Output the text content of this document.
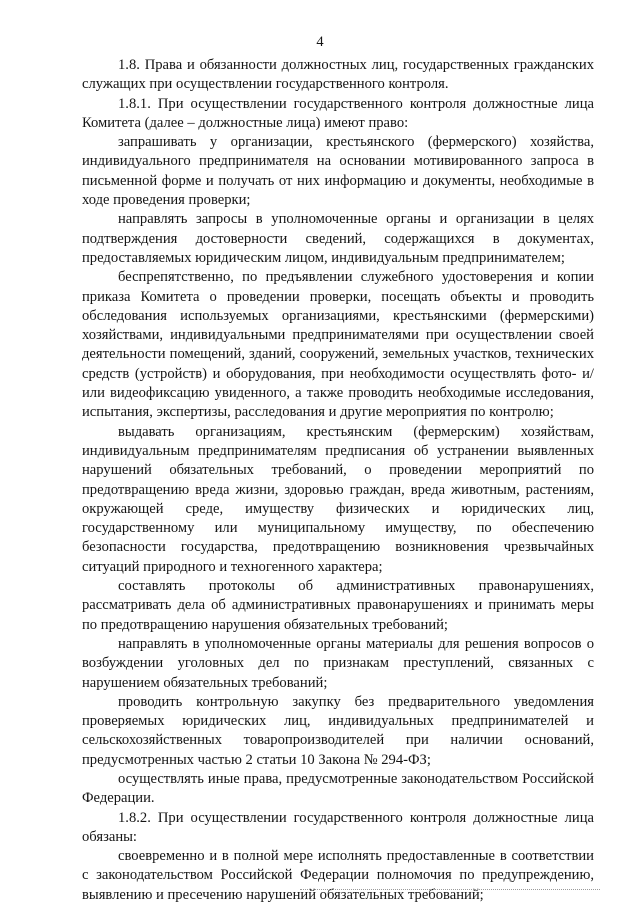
4

1.8. Права и обязанности должностных лиц, государственных гражданских служащих при осуществлении государственного контроля.

1.8.1. При осуществлении государственного контроля должностные лица Комитета (далее – должностные лица) имеют право:

запрашивать у организации, крестьянского (фермерского) хозяйства, индивидуального предпринимателя на основании мотивированного запроса в письменной форме и получать от них информацию и документы, необходимые в ходе проведения проверки;

направлять запросы в уполномоченные органы и организации в целях подтверждения достоверности сведений, содержащихся в документах, предоставляемых юридическим лицом, индивидуальным предпринимателем;

беспрепятственно, по предъявлении служебного удостоверения и копии приказа Комитета о проведении проверки, посещать объекты и проводить обследования используемых организациями, крестьянскими (фермерскими) хозяйствами, индивидуальными предпринимателями при осуществлении своей деятельности помещений, зданий, сооружений, земельных участков, технических средств (устройств) и оборудования, при необходимости осуществлять фото- и/или видеофиксацию увиденного, а также проводить необходимые исследования, испытания, экспертизы, расследования и другие мероприятия по контролю;

выдавать организациям, крестьянским (фермерским) хозяйствам, индивидуальным предпринимателям предписания об устранении выявленных нарушений обязательных требований, о проведении мероприятий по предотвращению вреда жизни, здоровью граждан, вреда животным, растениям, окружающей среде, имуществу физических и юридических лиц, государственному или муниципальному имуществу, по обеспечению безопасности государства, предотвращению возникновения чрезвычайных ситуаций природного и техногенного характера;

составлять протоколы об административных правонарушениях, рассматривать дела об административных правонарушениях и принимать меры по предотвращению нарушения обязательных требований;

направлять в уполномоченные органы материалы для решения вопросов о возбуждении уголовных дел по признакам преступлений, связанных с нарушением обязательных требований;

проводить контрольную закупку без предварительного уведомления проверяемых юридических лиц, индивидуальных предпринимателей и сельскохозяйственных товаропроизводителей при наличии оснований, предусмотренных частью 2 статьи 10 Закона № 294-ФЗ;

осуществлять иные права, предусмотренные законодательством Российской Федерации.

1.8.2. При осуществлении государственного контроля должностные лица обязаны:

своевременно и в полной мере исполнять предоставленные в соответствии с законодательством Российской Федерации полномочия по предупреждению, выявлению и пресечению нарушений обязательных требований;
